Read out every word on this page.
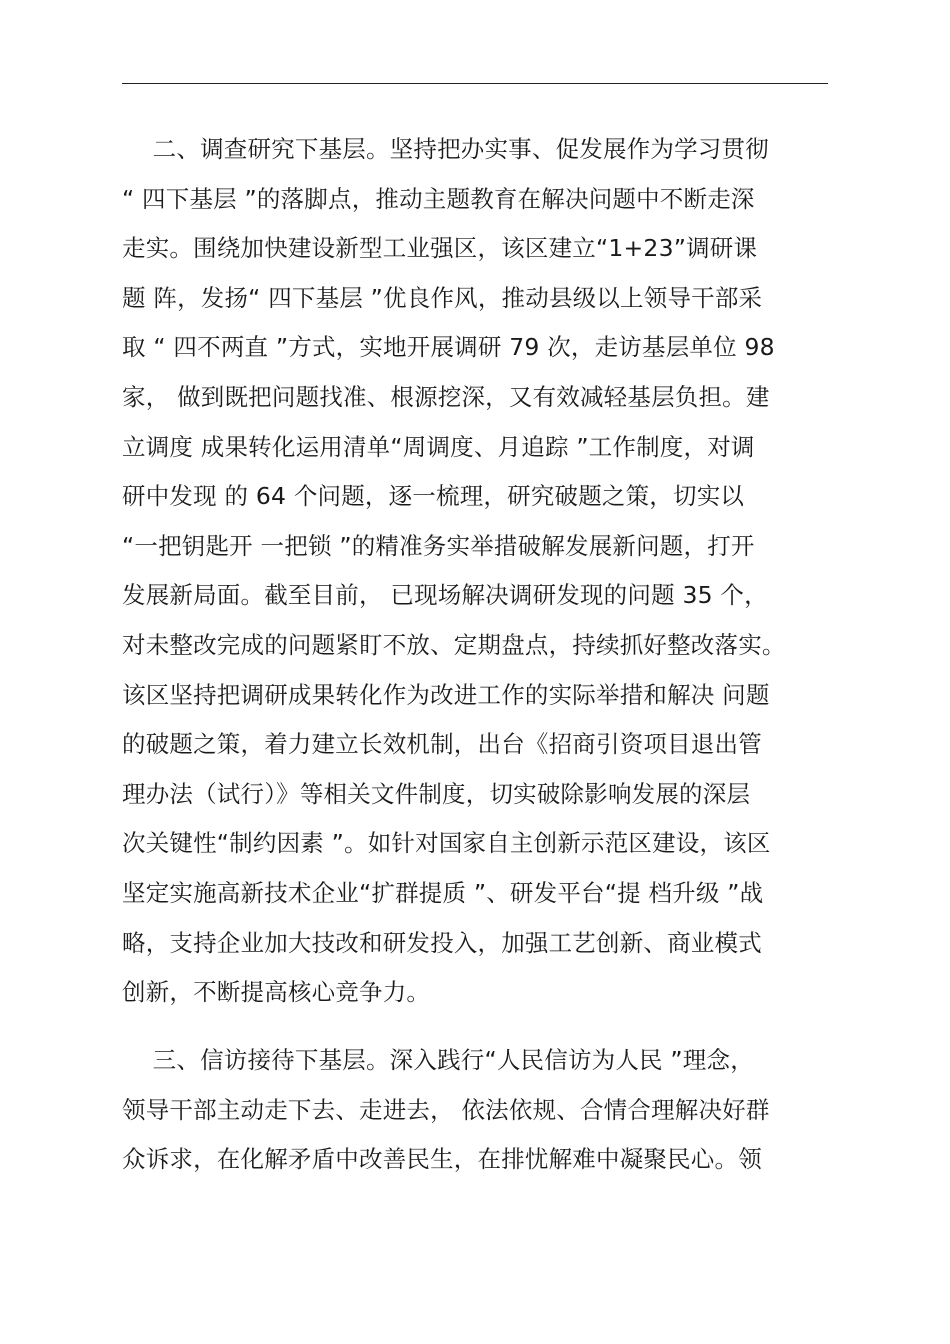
二、调查研究下基层。坚持把办实事、促发展作为学习贯彻
“ 四下基层 ”的落脚点，推动主题教育在解决问题中不断走深
走实。围绕加快建设新型工业强区，该区建立“1+23”调研课
题 阵，发扬“ 四下基层 ”优良作风，推动县级以上领导干部采
取 “ 四不两直 ”方式，实地开展调研 79 次，走访基层单位 98
家， 做到既把问题找准、根源挖深，又有效减轻基层负担。建
立调度 成果转化运用清单“周调度、月追踪 ”工作制度，对调
研中发现 的 64 个问题，逐一梳理，研究破题之策，切实以
“一把钥匙开 一把锁 ”的精准务实举措破解发展新问题，打开
发展新局面。截至目前， 已现场解决调研发现的问题 35 个，
对未整改完成的问题紧盯不放、定期盘点，持续抓好整改落实。
该区坚持把调研成果转化作为改进工作的实际举措和解决 问题
的破题之策，着力建立长效机制，出台《招商引资项目退出管
理办法（试行）》等相关文件制度，切实破除影响发展的深层
次关键性“制约因素 ”。如针对国家自主创新示范区建设，该区
坚定实施高新技术企业“扩群提质 ”、研发平台“提 档升级 ”战
略，支持企业加大技改和研发投入，加强工艺创新、商业模式
创新，不断提高核心竞争力。
三、信访接待下基层。深入践行“人民信访为人民 ”理念，
领导干部主动走下去、走进去， 依法依规、合情合理解决好群
众诉求，在化解矛盾中改善民生，在排忧解难中凝聚民心。领
